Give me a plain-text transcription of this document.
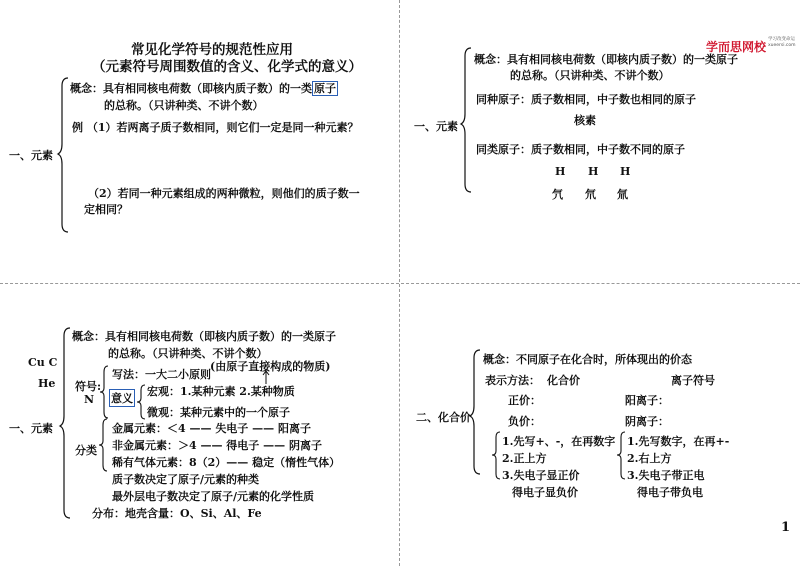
常见化学符号的规范性应用
（元素符号周围数值的含义、化学式的意义）
一、元素
概念：具有相同核电荷数（即核内质子数）的一类 原子
的总称。（只讲种类、不讲个数）
例 （1）若两离子质子数相同，则它们一定是同一种元素？
（2）若同一种元素组成的两种微粒，则他们的质子数一
定相同？
学而思网校
学习改变命运
xueersi.com
一、元素
概念：具有相同核电荷数（即核内质子数）的一类原子
的总称。（只讲种类、不讲个数）
同种原子：质子数相同，中子数也相同的原子
核素
同类原子：质子数相同，中子数不同的原子
H H H
氕 氘 氚
Cu C
He
一、元素
概念：具有相同核电荷数（即核内质子数）的一类原子
的总称。（只讲种类、不讲个数）
符号:
N
写法：一大二小原则
(由原子直接构成的物质)
意义
宏观：1.某种元素 2.某种物质
微观：某种元素中的一个原子
分类
金属元素：＜4 —— 失电子 —— 阳离子
非金属元素：＞4 —— 得电子 —— 阴离子
稀有气体元素：8（2）—— 稳定（惰性气体）
质子数决定了原子/元素的种类
最外层电子数决定了原子/元素的化学性质
分布：地壳含量：O、Si、Al、Fe
二、化合价
概念：不同原子在化合时，所体现出的价态
表示方法： 化合价	离子符号
正价：	阳离子：
负价：	阴离子：
1.先写+、-，在再数字
2.正上方
3.失电子显正价
得电子显负价
1.先写数字，在再+-
2.右上方
3.失电子带正电
得电子带负电
1
